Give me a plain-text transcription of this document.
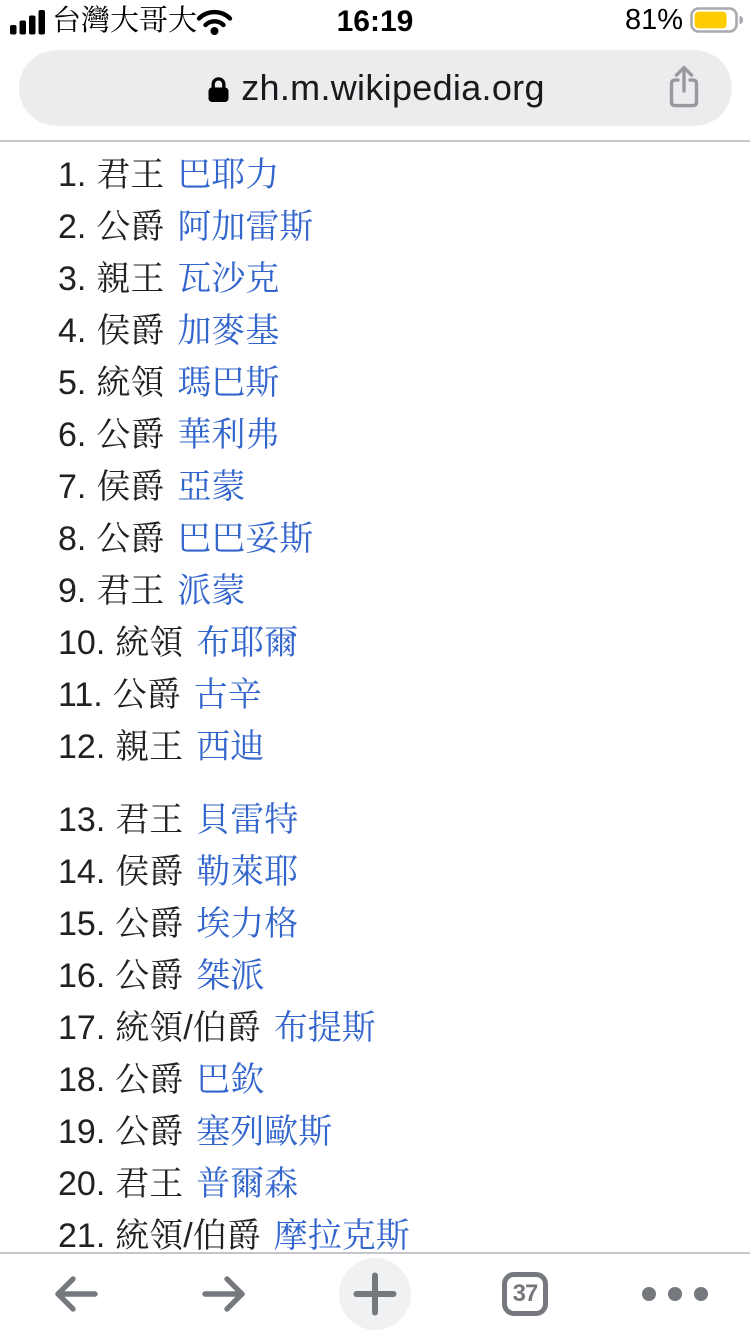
台灣大哥大	16:19	81%
zh.m.wikipedia.org
1. 君王 巴耶力
2. 公爵 阿加雷斯
3. 親王 瓦沙克
4. 侯爵 加麥基
5. 統領 瑪巴斯
6. 公爵 華利弗
7. 侯爵 亞蒙
8. 公爵 巴巴妥斯
9. 君王 派蒙
10. 統領 布耶爾
11. 公爵 古辛
12. 親王 西迪
13. 君王 貝雷特
14. 侯爵 勒萊耶
15. 公爵 埃力格
16. 公爵 桀派
17. 統領/伯爵 布提斯
18. 公爵 巴欽
19. 公爵 塞列歐斯
20. 君王 普爾森
21. 統領/伯爵 摩拉克斯
37
